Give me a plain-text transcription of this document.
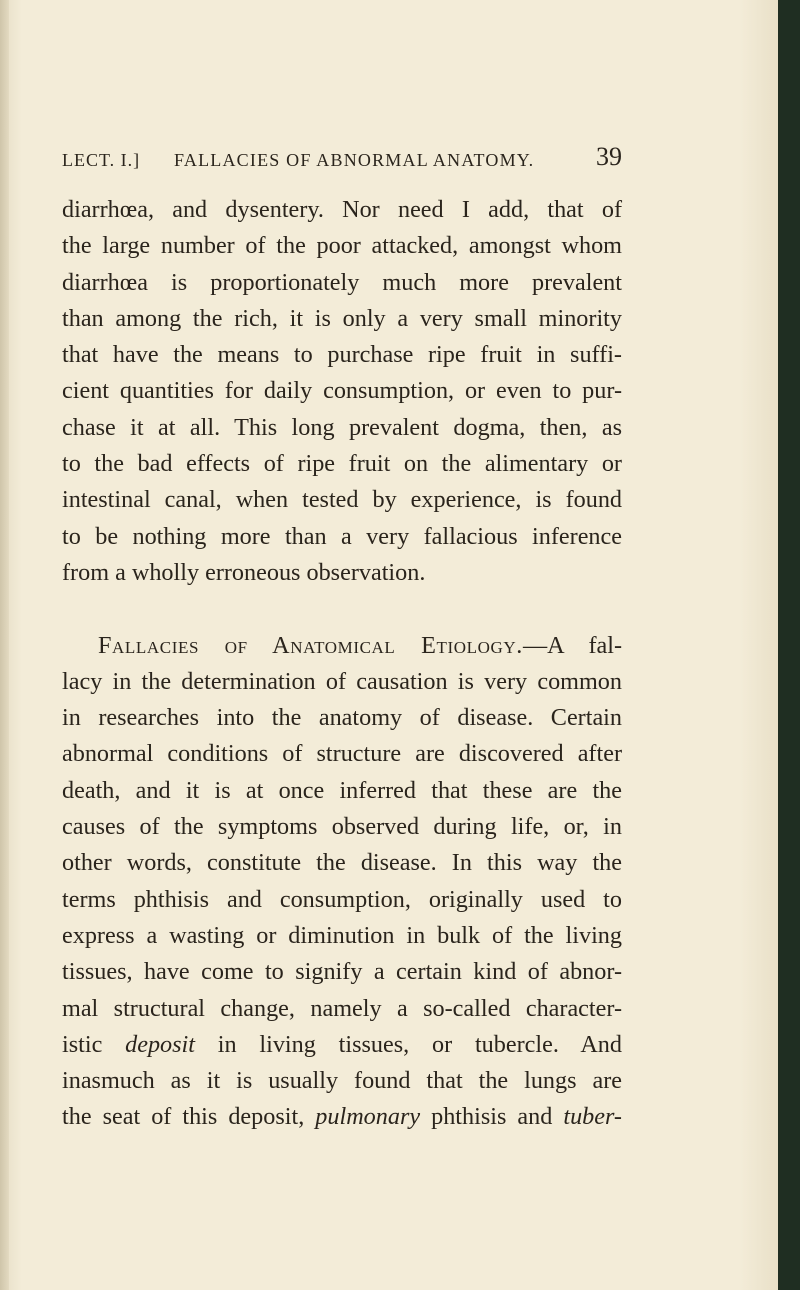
LECT. I.] FALLACIES OF ABNORMAL ANATOMY. 39
diarrhœa, and dysentery. Nor need I add, that of
the large number of the poor attacked, amongst whom
diarrhœa is proportionately much more prevalent
than among the rich, it is only a very small minority
that have the means to purchase ripe fruit in suffi-
cient quantities for daily consumption, or even to pur-
chase it at all. This long prevalent dogma, then, as
to the bad effects of ripe fruit on the alimentary or
intestinal canal, when tested by experience, is found
to be nothing more than a very fallacious inference
from a wholly erroneous observation.
Fallacies of Anatomical Etiology.—A fal-
lacy in the determination of causation is very common
in researches into the anatomy of disease. Certain
abnormal conditions of structure are discovered after
death, and it is at once inferred that these are the
causes of the symptoms observed during life, or, in
other words, constitute the disease. In this way the
terms phthisis and consumption, originally used to
express a wasting or diminution in bulk of the living
tissues, have come to signify a certain kind of abnor-
mal structural change, namely a so-called character-
istic deposit in living tissues, or tubercle. And
inasmuch as it is usually found that the lungs are
the seat of this deposit, pulmonary phthisis and tuber-
